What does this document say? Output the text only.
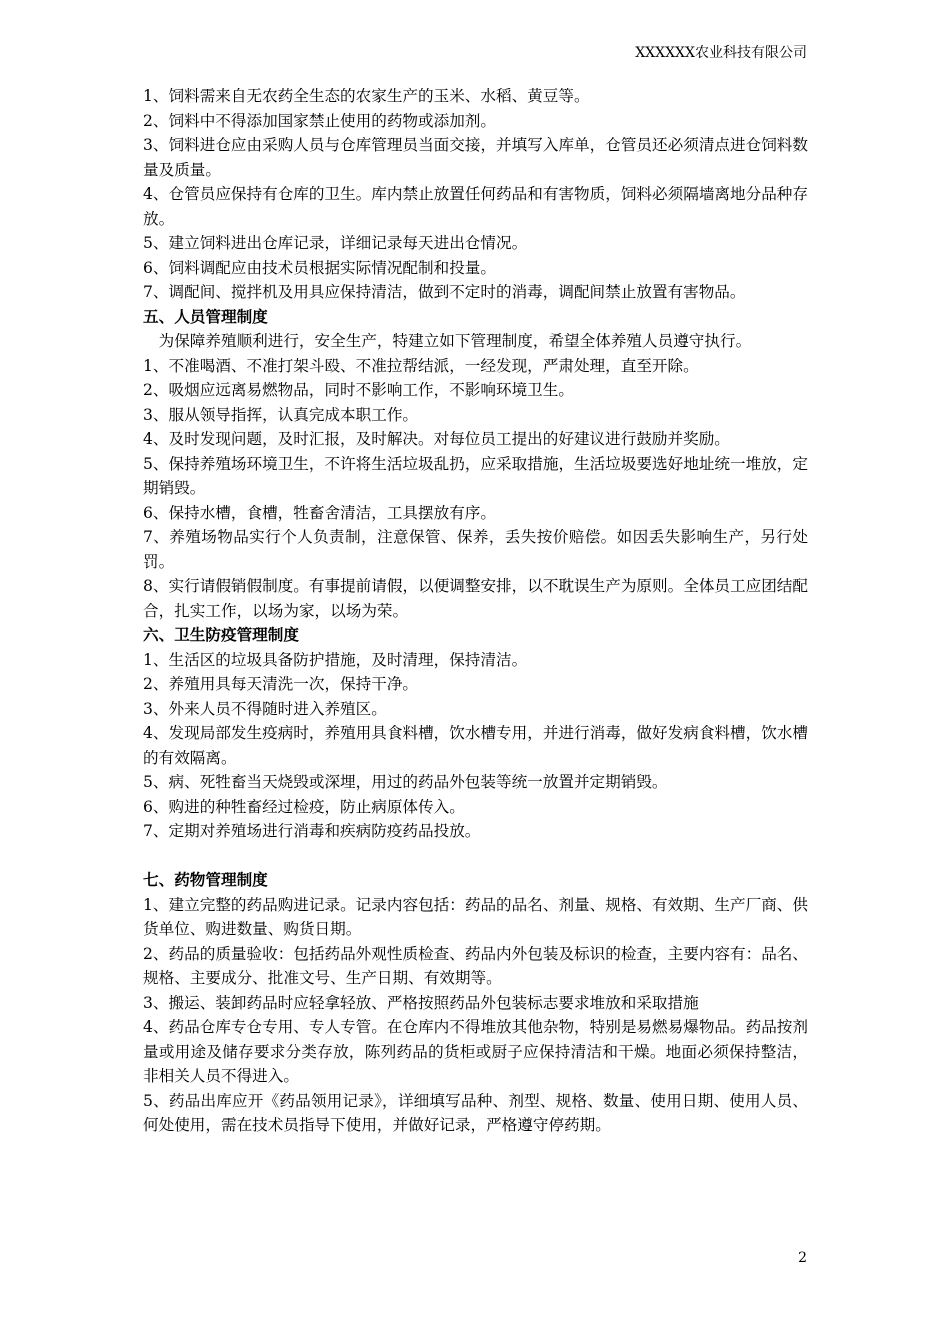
XXXXXX农业科技有限公司

1、饲料需来自无农药全生态的农家生产的玉米、水稻、黄豆等。

2、饲料中不得添加国家禁止使用的药物或添加剂。

3、饲料进仓应由采购人员与仓库管理员当面交接，并填写入库单，仓管员还必须清点进仓饲料数量及质量。

4、仓管员应保持有仓库的卫生。库内禁止放置任何药品和有害物质，饲料必须隔墙离地分品种存放。

5、建立饲料进出仓库记录，详细记录每天进出仓情况。

6、饲料调配应由技术员根据实际情况配制和投量。

7、调配间、搅拌机及用具应保持清洁，做到不定时的消毒，调配间禁止放置有害物品。

五、人员管理制度

为保障养殖顺利进行，安全生产，特建立如下管理制度，希望全体养殖人员遵守执行。

1、不准喝酒、不准打架斗殴、不准拉帮结派，一经发现，严肃处理，直至开除。

2、吸烟应远离易燃物品，同时不影响工作，不影响环境卫生。

3、服从领导指挥，认真完成本职工作。

4、及时发现问题，及时汇报，及时解决。对每位员工提出的好建议进行鼓励并奖励。

5、保持养殖场环境卫生，不许将生活垃圾乱扔，应采取措施，生活垃圾要选好地址统一堆放，定期销毁。

6、保持水槽，食槽，牲畜舍清洁，工具摆放有序。

7、养殖场物品实行个人负责制，注意保管、保养，丢失按价赔偿。如因丢失影响生产，另行处罚。

8、实行请假销假制度。有事提前请假，以便调整安排，以不耽误生产为原则。全体员工应团结配合，扎实工作，以场为家，以场为荣。

六、卫生防疫管理制度

1、生活区的垃圾具备防护措施，及时清理，保持清洁。

2、养殖用具每天清洗一次，保持干净。

3、外来人员不得随时进入养殖区。

4、发现局部发生疫病时，养殖用具食料槽，饮水槽专用，并进行消毒，做好发病食料槽，饮水槽的有效隔离。

5、病、死牲畜当天烧毁或深埋，用过的药品外包装等统一放置并定期销毁。

6、购进的种牲畜经过检疫，防止病原体传入。

7、定期对养殖场进行消毒和疾病防疫药品投放。

七、药物管理制度

1、建立完整的药品购进记录。记录内容包括：药品的品名、剂量、规格、有效期、生产厂商、供货单位、购进数量、购货日期。

2、药品的质量验收：包括药品外观性质检查、药品内外包装及标识的检查，主要内容有：品名、规格、主要成分、批准文号、生产日期、有效期等。

3、搬运、装卸药品时应轻拿轻放、严格按照药品外包装标志要求堆放和采取措施

4、药品仓库专仓专用、专人专管。在仓库内不得堆放其他杂物，特别是易燃易爆物品。药品按剂量或用途及储存要求分类存放，陈列药品的货柜或厨子应保持清洁和干燥。地面必须保持整洁，非相关人员不得进入。

5、药品出库应开《药品领用记录》，详细填写品种、剂型、规格、数量、使用日期、使用人员、何处使用，需在技术员指导下使用，并做好记录，严格遵守停药期。

2
